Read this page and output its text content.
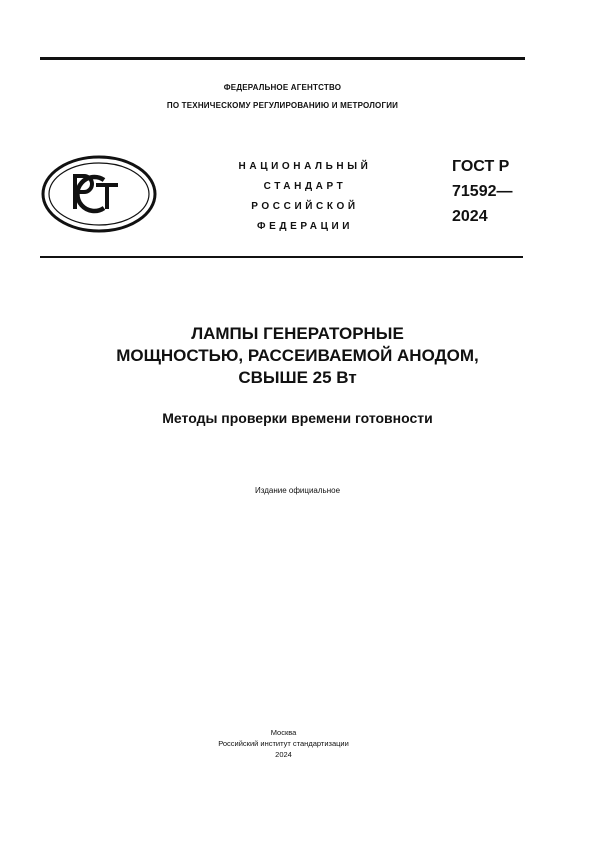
ФЕДЕРАЛЬНОЕ АГЕНТСТВО
ПО ТЕХНИЧЕСКОМУ РЕГУЛИРОВАНИЮ И МЕТРОЛОГИИ
НАЦИОНАЛЬНЫЙ
СТАНДАРТ
РОССИЙСКОЙ
ФЕДЕРАЦИИ
ГОСТ Р
71592—
2024
ЛАМПЫ ГЕНЕРАТОРНЫЕ
МОЩНОСТЬЮ, РАССЕИВАЕМОЙ АНОДОМ,
СВЫШЕ 25 Вт
Методы проверки времени готовности
Издание официальное
Москва
Российский институт стандартизации
2024
